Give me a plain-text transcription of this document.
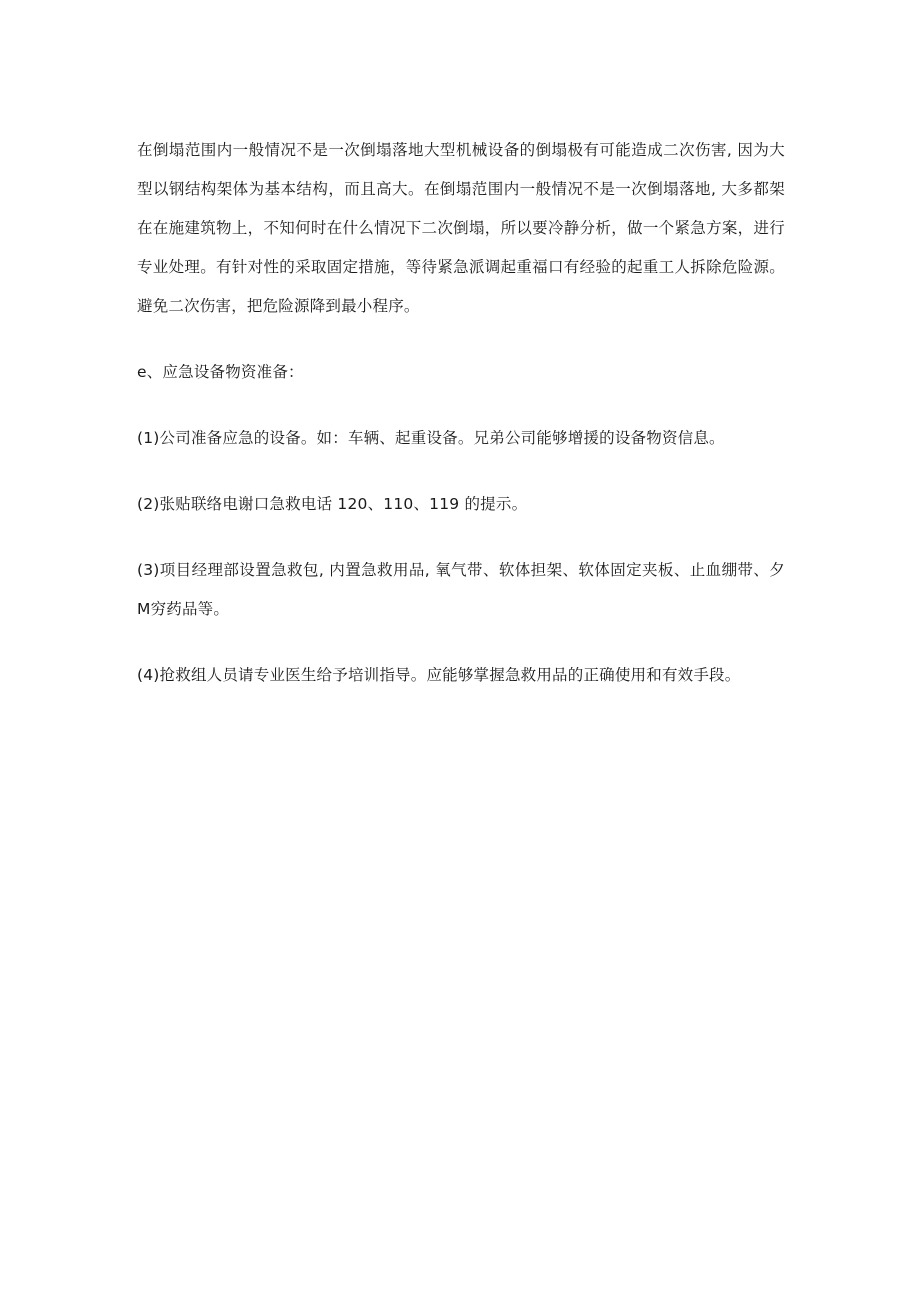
在倒塌范围内一般情况不是一次倒塌落地大型机械设备的倒塌极有可能造成二次伤害, 因为大型以钢结构架体为基本结构，而且高大。在倒塌范围内一般情况不是一次倒塌落地, 大多都架在在施建筑物上，不知何时在什么情况下二次倒塌，所以要冷静分析，做一个紧急方案，进行专业处理。有针对性的采取固定措施，等待紧急派调起重福口有经验的起重工人拆除危险源。避免二次伤害，把危险源降到最小程序。

e、应急设备物资准备：

(1)公司准备应急的设备。如：车辆、起重设备。兄弟公司能够增援的设备物资信息。

(2)张贴联络电谢口急救电话 120、110、119 的提示。

(3)项目经理部设置急救包, 内置急救用品, 氧气带、软体担架、软体固定夹板、止血绷带、夕M穷药品等。

(4)抢救组人员请专业医生给予培训指导。应能够掌握急救用品的正确使用和有效手段。
